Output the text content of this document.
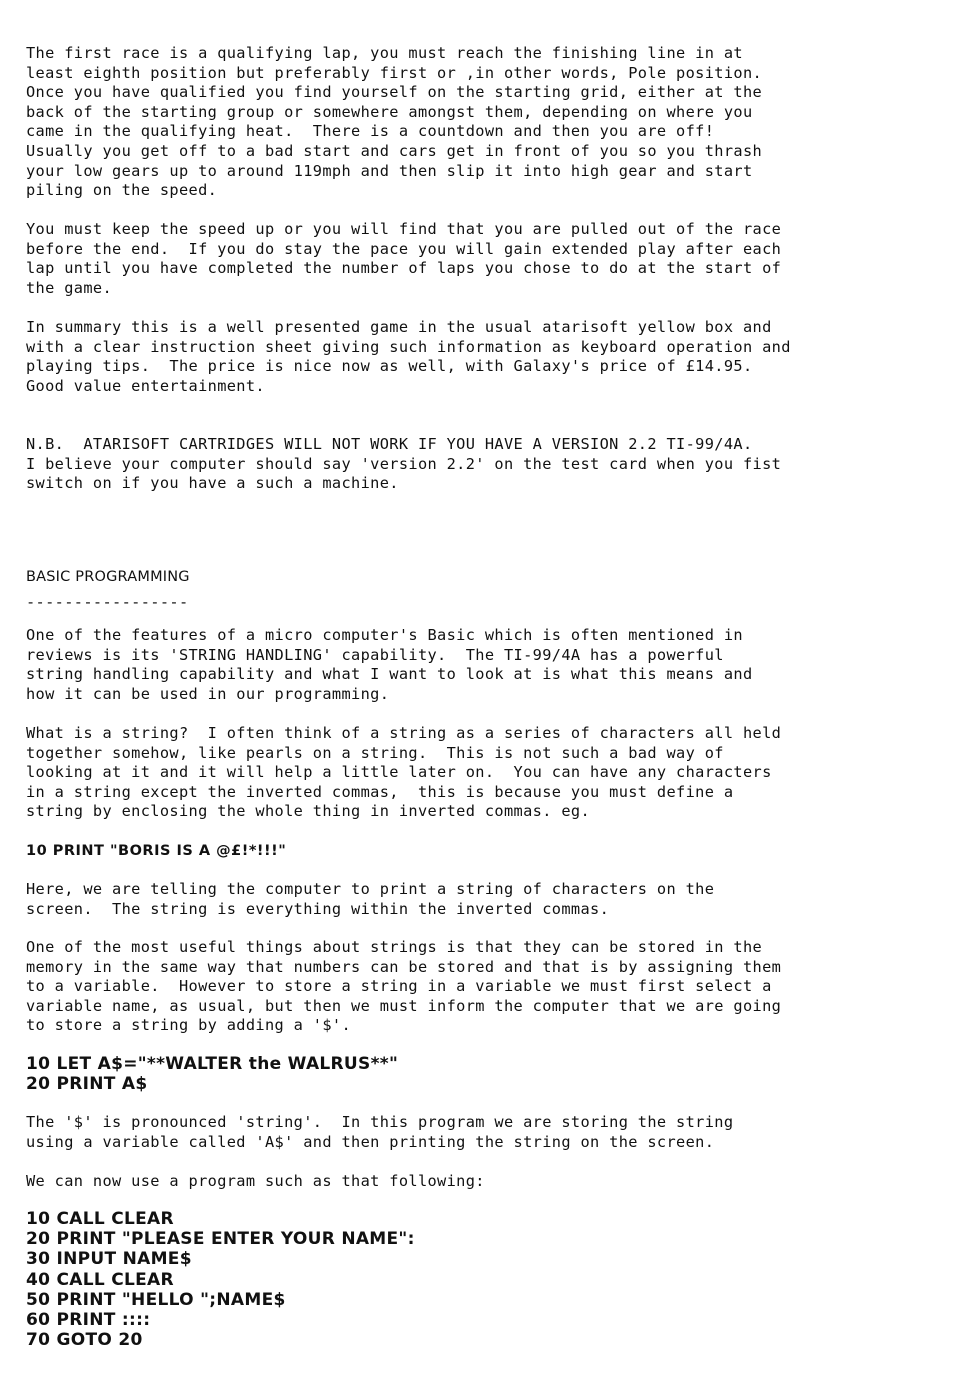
The first race is a qualifying lap, you must reach the finishing line in at
least eighth position but preferably first or ,in other words, Pole position.
Once you have qualified you find yourself on the starting grid, either at the
back of the starting group or somewhere amongst them, depending on where you
came in the qualifying heat.  There is a countdown and then you are off!
Usually you get off to a bad start and cars get in front of you so you thrash
your low gears up to around 119mph and then slip it into high gear and start
piling on the speed.

You must keep the speed up or you will find that you are pulled out of the race
before the end.  If you do stay the pace you will gain extended play after each
lap until you have completed the number of laps you chose to do at the start of
the game.

In summary this is a well presented game in the usual atarisoft yellow box and
with a clear instruction sheet giving such information as keyboard operation and
playing tips.  The price is nice now as well, with Galaxy's price of £14.95.
Good value entertainment.

N.B.  ATARISOFT CARTRIDGES WILL NOT WORK IF YOU HAVE A VERSION 2.2 TI-99/4A.
I believe your computer should say 'version 2.2' on the test card when you fist
switch on if you have a such a machine.

BASIC PROGRAMMING
-----------------

One of the features of a micro computer's Basic which is often mentioned in
reviews is its 'STRING HANDLING' capability.  The TI-99/4A has a powerful
string handling capability and what I want to look at is what this means and
how it can be used in our programming.

What is a string?  I often think of a string as a series of characters all held
together somehow, like pearls on a string.  This is not such a bad way of
looking at it and it will help a little later on.  You can have any characters
in a string except the inverted commas,  this is because you must define a
string by enclosing the whole thing in inverted commas. eg.

10 PRINT "BORIS IS A @£!*!!!"

Here, we are telling the computer to print a string of characters on the
screen.  The string is everything within the inverted commas.

One of the most useful things about strings is that they can be stored in the
memory in the same way that numbers can be stored and that is by assigning them
to a variable.  However to store a string in a variable we must first select a
variable name, as usual, but then we must inform the computer that we are going
to store a string by adding a '$'.

10 LET A$="**WALTER the WALRUS**"
20 PRINT A$

The '$' is pronounced 'string'.  In this program we are storing the string
using a variable called 'A$' and then printing the string on the screen.

We can now use a program such as that following:

10 CALL CLEAR
20 PRINT "PLEASE ENTER YOUR NAME":
30 INPUT NAME$
40 CALL CLEAR
50 PRINT "HELLO ";NAME$
60 PRINT ::::
70 GOTO 20
